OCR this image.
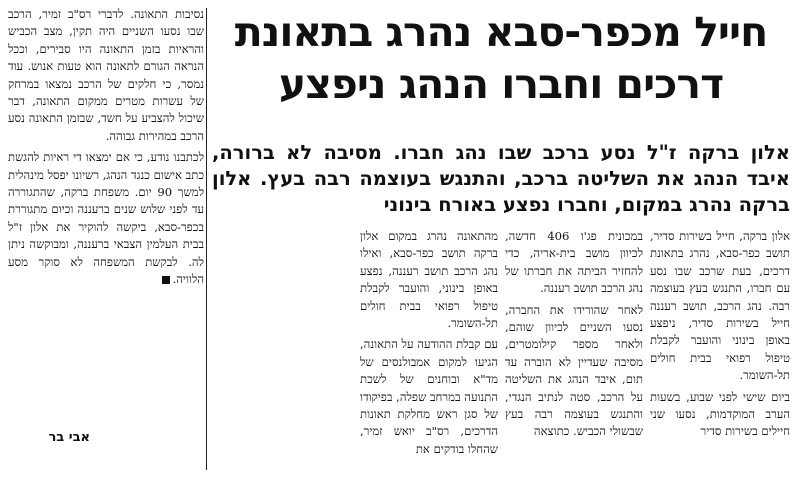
חייל מכפר-סבא נהרג בתאונת
דרכים וחברו הנהג ניפצע

אלון ברקה ז"ל נסע ברכב שבו נהג חברו. מסיבה לא ברורה, איבד הנהג את השליטה ברכב, והתנגש בעוצמה רבה בעץ. אלון ברקה נהרג במקום, וחברו נפצע באורח בינוני

אלון ברקה, חייל בשירות סדיר, תושב כפר-סבא, נהרג בתאונת דרכים, בעת שרכב שבו נסע עם חברו, התנגש בעץ בעוצמה רבה. נהג הרכב, תושב רעננה חייל בשירות סדיר, ניפצע באופן בינוני והועבר לקבלת טיפול רפואי בבית חולים תל-השומר.

ביום שישי לפני שבוע, בשעות הערב המוקדמות, נסעו שני חיילים בשירות סדיר

במכונית פג'ו 406 חדשה, לכיוון מושב בית-אריה, כדי להחזיר הביתה את חברתו של נהג הרכב תושב רעננה.

לאחר שהורידו את החברה, נסעו השניים לכיוון שוהם, ולאחר מספר קילומטרים, מסיבה שעדיין לא הוברה עד תום, איבד הנהג את השליטה על הרכב, סטה לנתיב הנגדי, והתנגש בעוצמה רבה בעץ שבשולי הכביש. כתוצאה

מהתאונה נהרג במקום אלון ברקה תושב כפר-סבא, ואילו נהג הרכב תושב רעננה, נפצע באופן בינוני, והועבר לקבלת טיפול רפואי בבית חולים תל-השומר.

עם קבלת ההודעה על התאונה, הגיעו למקום אמבולנסים של מד"א ובוחנים של לשכת התנועה במרחב שפלה, בפיקודו של סגן ראש מחלקת תאונות הדרכים, רס"ב יואש זמיר, שהחלו בודקים את

נסיבות התאונה. לדברי רס"ב זמיר, הרכב שבו נסעו השניים היה תקין, מצב הכביש והראיות בזמן התאונה היו סבירים, וככל הנראה הגורם לתאונה הוא טעות אנוש. עוד נמסר, כי חלקים של הרכב נמצאו במרחק של עשרות מטרים ממקום התאונה, דבר שיכול להצביע על חשד, שבזמן התאונה נסע הרכב במהירות גבוהה.

לכתבנו נודע, כי אם ימצאו די ראיות להגשת כתב אישום כנגד הנהג, רשיונו יפסל מינהלית למשך 90 יום. משפחת ברקה, שהתגוררה עד לפני שלוש שנים ברעננה וכיום מתגוררת בכפר-סבא, ביקשה להוקיר את אלון ז"ל בבית העלמין הצבאי ברעננה, ומבוקשה ניתן לה. לבקשת המשפחה לא סוקר מסע הלוויה.

אבי בר
